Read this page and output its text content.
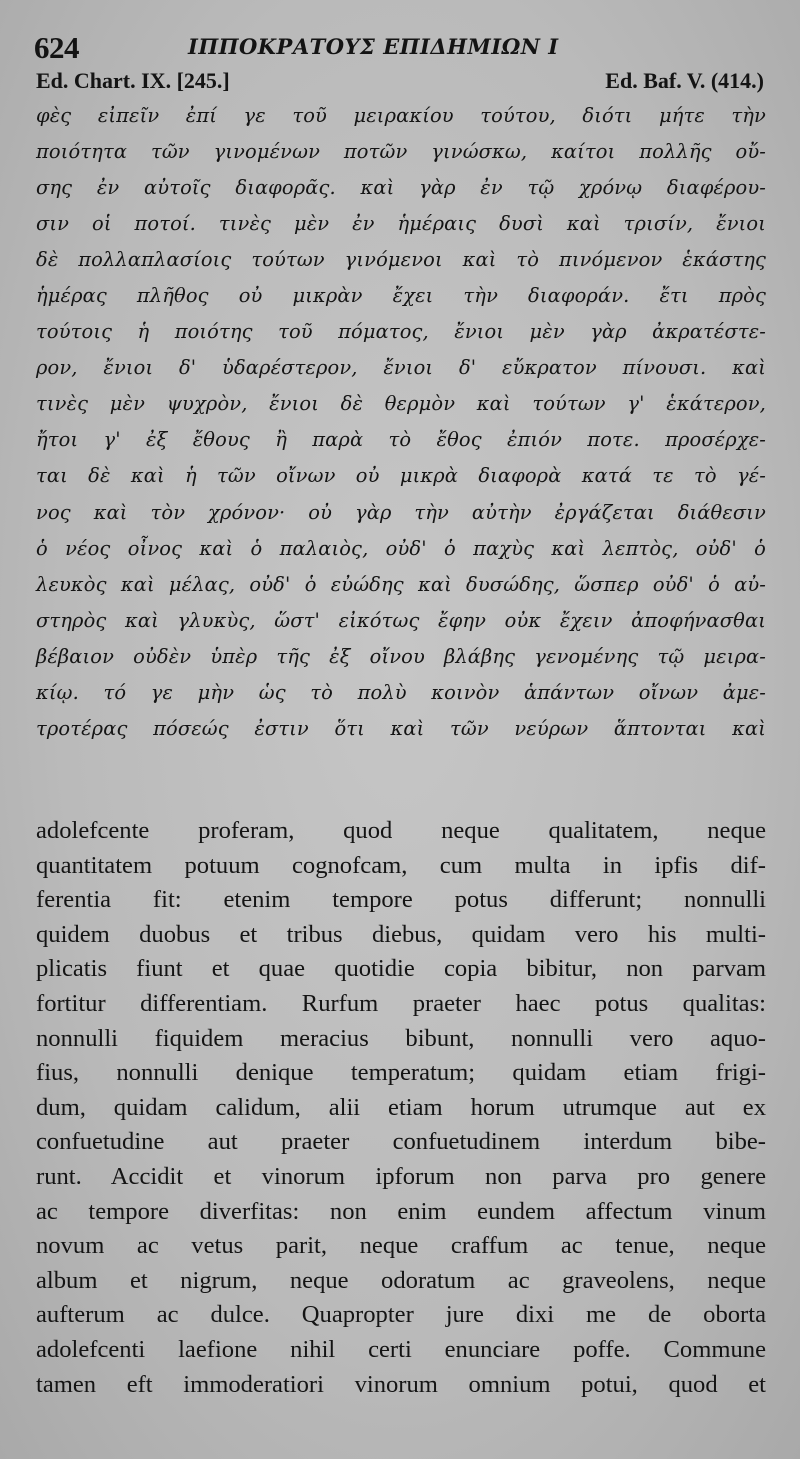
624	ΙΠΠΟΚΡΑΤΟΥΣ ΕΠΙΔΗΜΙΩΝ Ι
Ed. Chart. IX. [245.]	Ed. Baf. V. (414.)
φὲς εἰπεῖν ἐπί γε τοῦ μειρακίου τούτου, διότι μήτε τὴν
ποιότητα τῶν γινομένων ποτῶν γινώσκω, καίτοι πολλῆς οὔ-
σης ἐν αὐτοῖς διαφορᾶς. καὶ γὰρ ἐν τῷ χρόνῳ διαφέρου-
σιν οἱ ποτοί. τινὲς μὲν ἐν ἡμέραις δυσὶ καὶ τρισίν, ἔνιοι
δὲ πολλαπλασίοις τούτων γινόμενοι καὶ τὸ πινόμενον ἑκάστης
ἡμέρας πλῆθος οὐ μικρὰν ἔχει τὴν διαφοράν. ἔτι πρὸς
τούτοις ἡ ποιότης τοῦ πόματος, ἔνιοι μὲν γὰρ ἀκρατέστε-
ρον, ἔνιοι δ' ὑδαρέστερον, ἔνιοι δ' εὔκρατον πίνουσι. καὶ
τινὲς μὲν ψυχρὸν, ἔνιοι δὲ θερμὸν καὶ τούτων γ' ἑκάτερον,
ἤτοι γ' ἐξ ἔθους ἢ παρὰ τὸ ἔθος ἐπιόν ποτε. προσέρχε-
ται δὲ καὶ ἡ τῶν οἴνων οὐ μικρὰ διαφορὰ κατά τε τὸ γέ-
νος καὶ τὸν χρόνον· οὐ γὰρ τὴν αὐτὴν ἐργάζεται διάθεσιν
ὁ νέος οἶνος καὶ ὁ παλαιὸς, οὐδ' ὁ παχὺς καὶ λεπτὸς, οὐδ' ὁ
λευκὸς καὶ μέλας, οὐδ' ὁ εὐώδης καὶ δυσώδης, ὥσπερ οὐδ' ὁ αὐ-
στηρὸς καὶ γλυκὺς, ὥστ' εἰκότως ἔφην οὐκ ἔχειν ἀποφήνασθαι
βέβαιον οὐδὲν ὑπὲρ τῆς ἐξ οἴνου βλάβης γενομένης τῷ μειρα-
κίῳ. τό γε μὴν ὡς τὸ πολὺ κοινὸν ἁπάντων οἴνων ἀμε-
τροτέρας πόσεώς ἐστιν ὅτι καὶ τῶν νεύρων ἅπτονται καὶ
adolefcente proferam, quod neque qualitatem, neque
quantitatem potuum cognofcam, cum multa in ipfis dif-
ferentia fit: etenim tempore potus differunt; nonnulli
quidem duobus et tribus diebus, quidam vero his multi-
plicatis fiunt et quae quotidie copia bibitur, non parvam
fortitur differentiam. Rurfum praeter haec potus qualitas:
nonnulli fiquidem meracius bibunt, nonnulli vero aquo-
fius, nonnulli denique temperatum; quidam etiam frigi-
dum, quidam calidum, alii etiam horum utrumque aut ex
confuetudine aut praeter confuetudinem interdum bibe-
runt. Accidit et vinorum ipforum non parva pro genere
ac tempore diverfitas: non enim eundem affectum vinum
novum ac vetus parit, neque craffum ac tenue, neque
album et nigrum, neque odoratum ac graveolens, neque
aufterum ac dulce. Quapropter jure dixi me de oborta
adolefcenti laefione nihil certi enunciare poffe. Commune
tamen eft immoderatiori vinorum omnium potui, quod et
